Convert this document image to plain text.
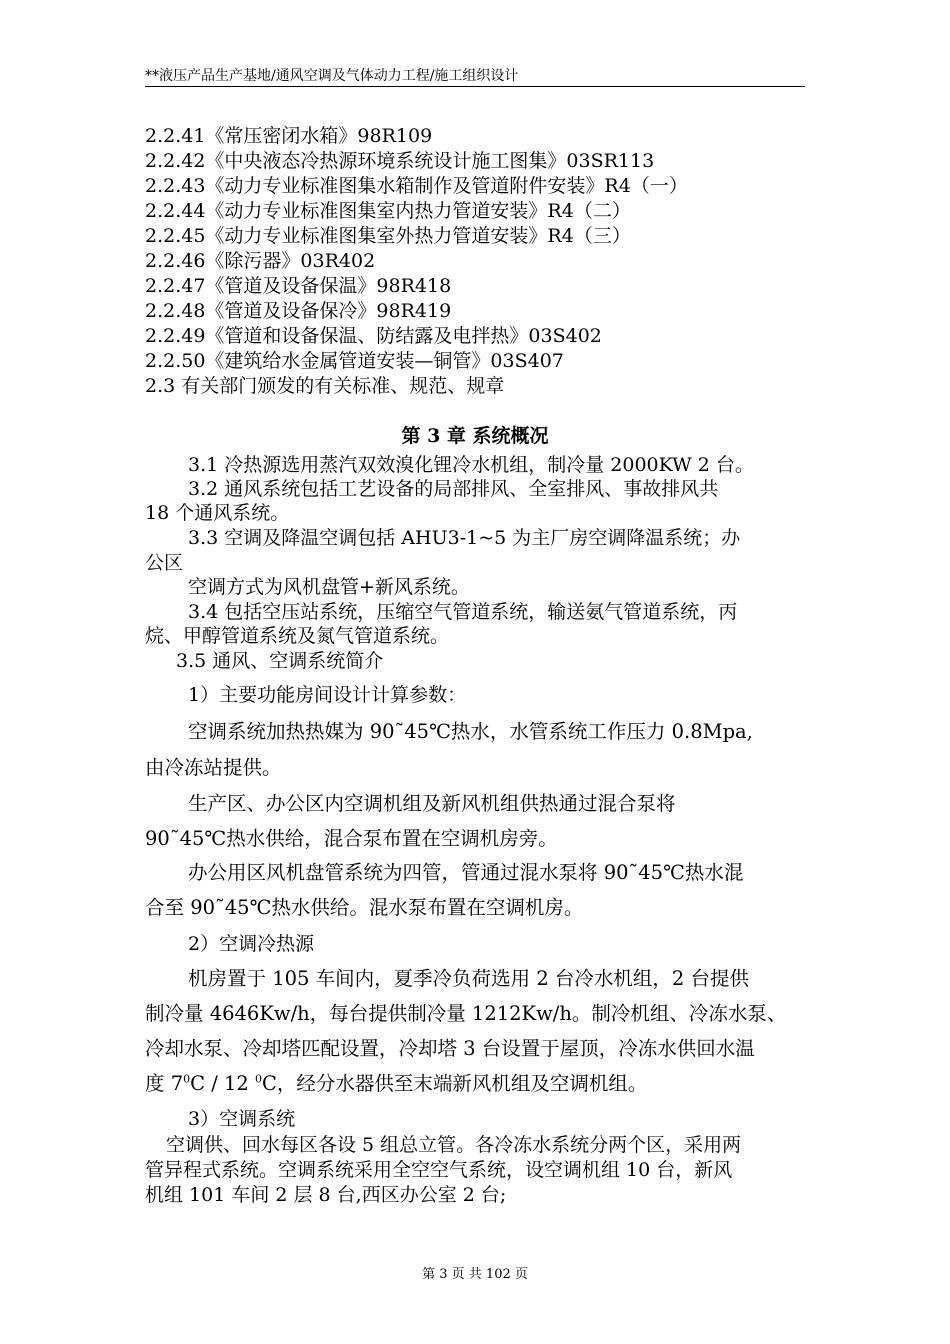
**液压产品生产基地/通风空调及气体动力工程/施工组织设计
2.2.41《常压密闭水箱》98R109
2.2.42《中央液态冷热源环境系统设计施工图集》03SR113
2.2.43《动力专业标准图集水箱制作及管道附件安装》R4（一）
2.2.44《动力专业标准图集室内热力管道安装》R4（二）
2.2.45《动力专业标准图集室外热力管道安装》R4（三）
2.2.46《除污器》03R402
2.2.47《管道及设备保温》98R418
2.2.48《管道及设备保冷》98R419
2.2.49《管道和设备保温、防结露及电拌热》03S402
2.2.50《建筑给水金属管道安装—铜管》03S407
2.3 有关部门颁发的有关标准、规范、规章
第 3 章 系统概况
3.1 冷热源选用蒸汽双效溴化锂冷水机组，制冷量 2000KW 2 台。
3.2 通风系统包括工艺设备的局部排风、全室排风、事故排风共
18 个通风系统。
3.3 空调及降温空调包括 AHU3-1~5 为主厂房空调降温系统；办
公区
空调方式为风机盘管+新风系统。
3.4 包括空压站系统，压缩空气管道系统，输送氨气管道系统，丙
烷、甲醇管道系统及氮气管道系统。
3.5 通风、空调系统简介
1）主要功能房间设计计算参数：
空调系统加热热媒为 90˜45℃热水，水管系统工作压力 0.8Mpa,
由冷冻站提供。
生产区、办公区内空调机组及新风机组供热通过混合泵将
90˜45℃热水供给，混合泵布置在空调机房旁。
办公用区风机盘管系统为四管，管通过混水泵将 90˜45℃热水混
合至 90˜45℃热水供给。混水泵布置在空调机房。
2）空调冷热源
机房置于 105 车间内，夏季冷负荷选用 2 台冷水机组，2 台提供
制冷量 4646Kw/h，每台提供制冷量 1212Kw/h。制冷机组、冷冻水泵、
冷却水泵、冷却塔匹配设置，冷却塔 3 台设置于屋顶，冷冻水供回水温
度 $7^0C / 12$ $^0$C，经分水器供至末端新风机组及空调机组。
3）空调系统
空调供、回水每区各设 5 组总立管。各冷冻水系统分两个区，采用两
管异程式系统。空调系统采用全空空气系统，设空调机组 10 台，新风
机组 101 车间 2 层 8 台,西区办公室 2 台;
第 3 页 共 102 页
